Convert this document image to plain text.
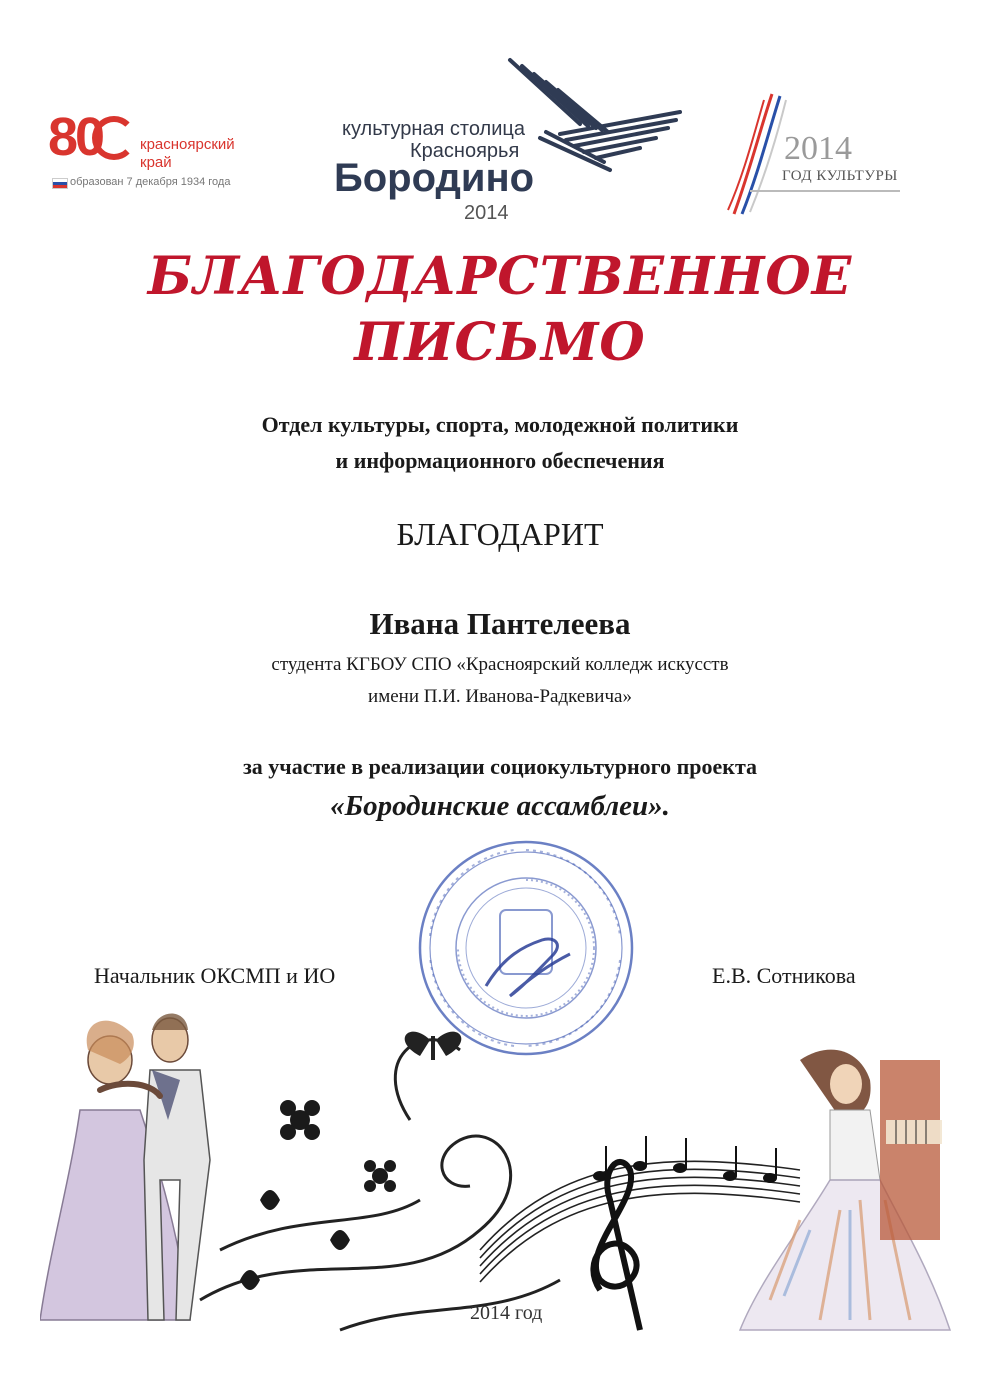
80	красноярский
край
образован 7 декабря 1934 года
культурная столица
Красноярья
Бородино
2014
2014
ГОД КУЛЬТУРЫ
БЛАГОДАРСТВЕННОЕ
ПИСЬМО
Отдел культуры, спорта, молодежной политики
и информационного обеспечения
БЛАГОДАРИТ
Ивана Пантелеева
студента КГБОУ СПО «Красноярский колледж искусств
имени П.И. Иванова-Радкевича»
за участие в реализации социокультурного проекта
«Бородинские ассамблеи».
Начальник ОКСМП и ИО	Е.В. Сотникова
2014 год
